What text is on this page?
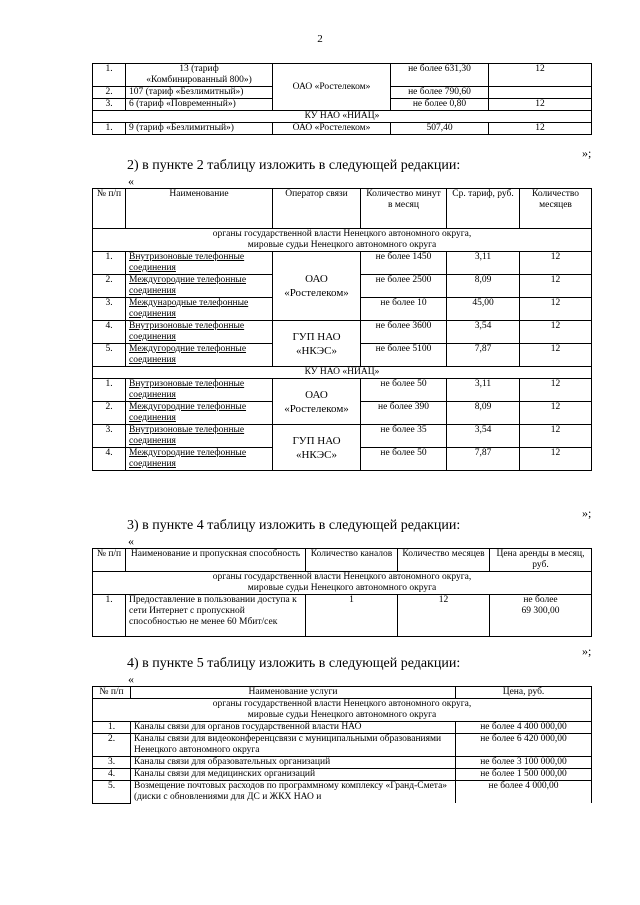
2
1.	13 (тариф
«Комбинированный 800»)	ОАО «Ростелеком»	не более 631,30	12
2.	107 (тариф «Безлимитный»)		не более 790,60	
3.	6 (тариф «Повременный»)		не более 0,80	12
КУ НАО «НИАЦ»				
1.	9 (тариф «Безлимитный»)	ОАО «Ростелеком»	507,40	12
»;
2) в пункте 2 таблицу изложить в следующей редакции:
«
№ п/п	Наименование	Оператор связи	Количество минут в месяц	Ср. тариф, руб.	Количество месяцев
органы государственной власти Ненецкого автономного округа,
мировые судьи Ненецкого автономного округа					
1.	Внутризоновые телефонные соединения	ОАО
«Ростелеком»	не более 1450	3,11	12
2.	Междугородние телефонные соединения		не более 2500	8,09	12
3.	Международные телефонные соединения		не более 10	45,00	12
4.	Внутризоновые телефонные соединения	ГУП НАО
«НКЭС»	не более 3600	3,54	12
5.	Междугородние телефонные соединения		не более 5100	7,87	12
КУ НАО «НИАЦ»					
1.	Внутризоновые телефонные соединения	ОАО
«Ростелеком»	не более 50	3,11	12
2.	Междугородние телефонные соединения		не более 390	8,09	12
3.	Внутризоновые телефонные соединения	ГУП НАО
«НКЭС»	не более 35	3,54	12
4.	Междугородние телефонные соединения		не более 50	7,87	12
»;
3) в пункте 4 таблицу изложить в следующей редакции:
«
№ п/п	Наименование и пропускная способность	Количество каналов	Количество месяцев	Цена аренды в месяц, руб.
органы государственной власти Ненецкого автономного округа,
мировые судьи Ненецкого автономного округа				
1.	Предоставление в пользовании доступа к сети Интернет с пропускной способностью не менее 60 Мбит/сек	1	12	не более
69 300,00
»;
4) в пункте 5 таблицу изложить в следующей редакции:
«
№ п/п	Наименование услуги	Цена, руб.
органы государственной власти Ненецкого автономного округа,
мировые судьи Ненецкого автономного округа		
1.	Каналы связи для органов государственной власти НАО	не более 4 400 000,00
2.	Каналы связи для видеоконференцсвязи с муниципальными образованиями Ненецкого автономного округа	не более 6 420 000,00
3.	Каналы связи для образовательных организаций	не более 3 100 000,00
4.	Каналы связи для медицинских организаций	не более 1 500 000,00
5.	Возмещение почтовых расходов по программному комплексу «Гранд-Смета» (диски с обновлениями для ДС и ЖКХ НАО и	не более 4 000,00
